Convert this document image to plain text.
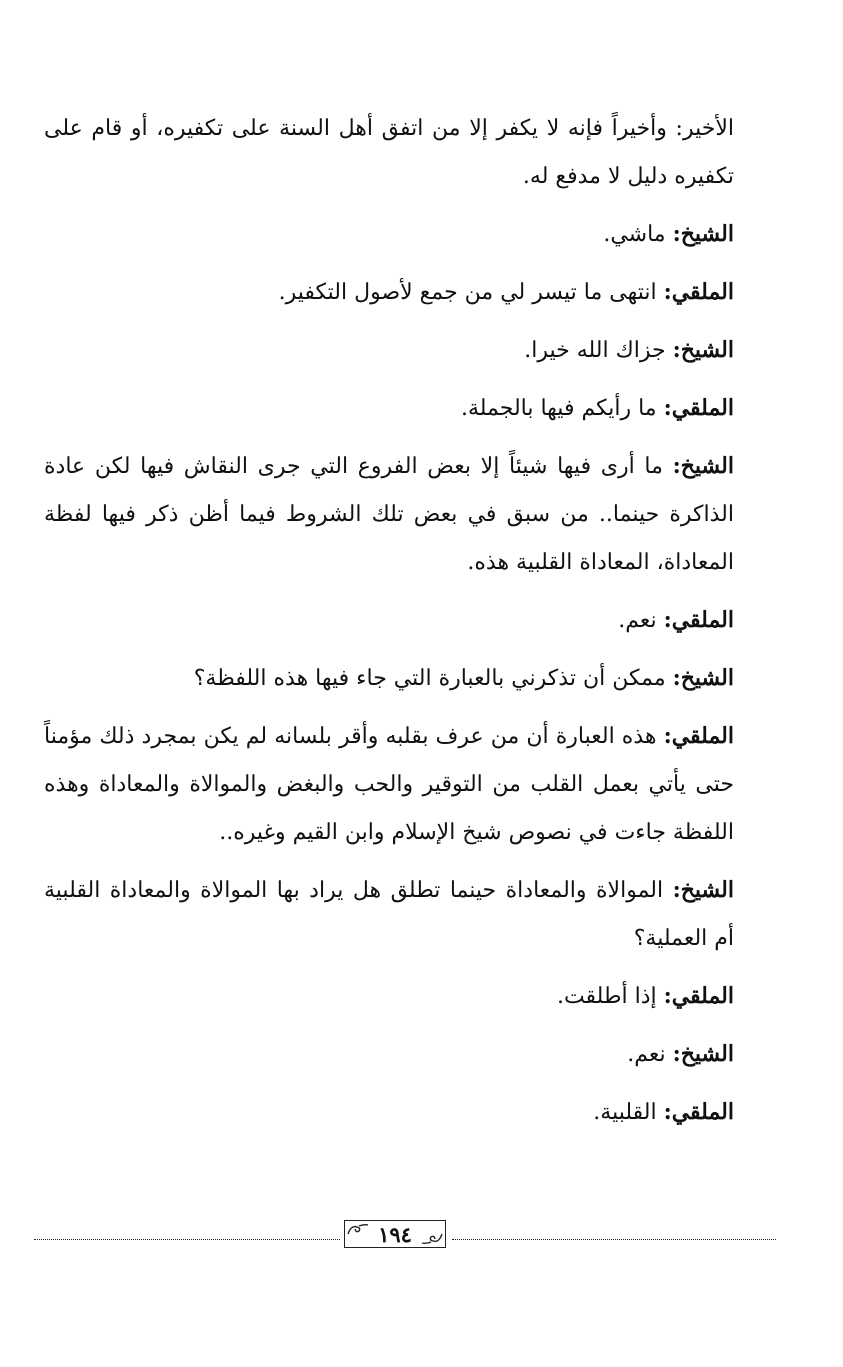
الأخير: وأخيراً فإنه لا يكفر إلا من اتفق أهل السنة على تكفيره، أو قام على تكفيره دليل لا مدفع له.

الشيخ: ماشي.

الملقي: انتهى ما تيسر لي من جمع لأصول التكفير.

الشيخ: جزاك الله خيرا.

الملقي: ما رأيكم فيها بالجملة.

الشيخ: ما أرى فيها شيئاً إلا بعض الفروع التي جرى النقاش فيها لكن عادة الذاكرة حينما.. من سبق في بعض تلك الشروط فيما أظن ذكر فيها لفظة المعاداة، المعاداة القلبية هذه.

الملقي: نعم.

الشيخ: ممكن أن تذكرني بالعبارة التي جاء فيها هذه اللفظة؟

الملقي: هذه العبارة أن من عرف بقلبه وأقر بلسانه لم يكن بمجرد ذلك مؤمناً حتى يأتي بعمل القلب من التوقير والحب والبغض والموالاة والمعاداة وهذه اللفظة جاءت في نصوص شيخ الإسلام وابن القيم وغيره..

الشيخ: الموالاة والمعاداة حينما تطلق هل يراد بها الموالاة والمعاداة القلبية أم العملية؟

الملقي: إذا أطلقت.

الشيخ: نعم.

الملقي: القلبية.

١٩٤
